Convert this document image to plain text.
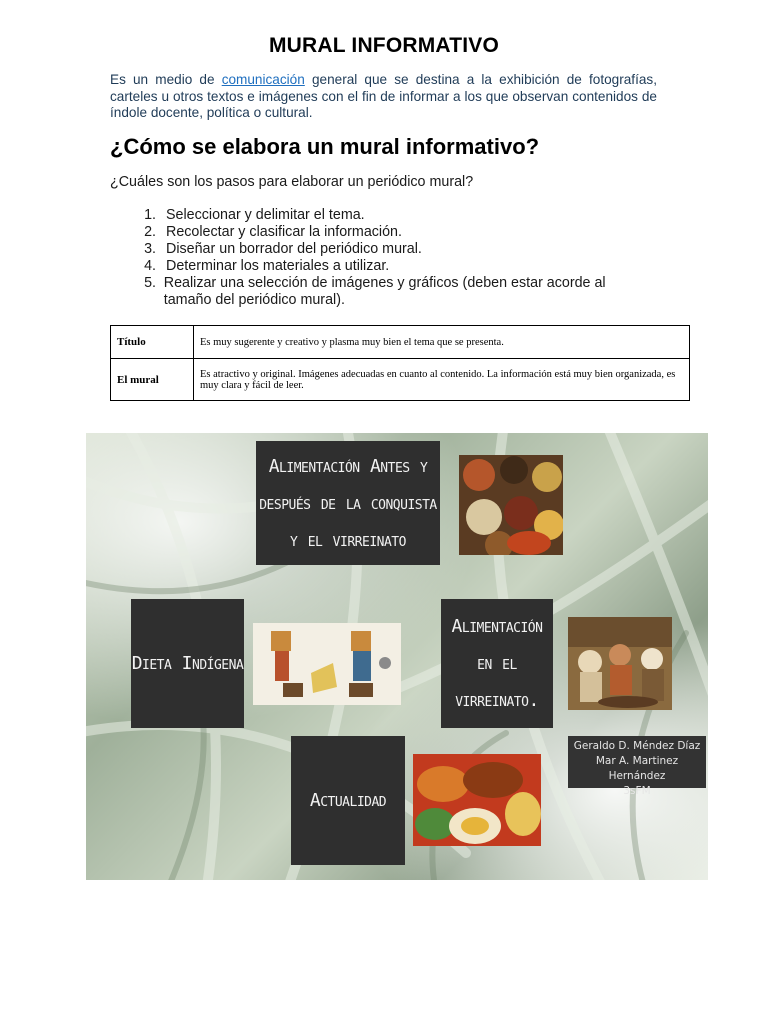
MURAL INFORMATIVO

Es un medio de comunicación general que se destina a la exhibición de fotografías, carteles u otros textos e imágenes con el fin de informar a los que observan contenidos de índole docente, política o cultural.

¿Cómo se elabora un mural informativo?

¿Cuáles son los pasos para elaborar un periódico mural?

1. Seleccionar y delimitar el tema.
2. Recolectar y clasificar la información.
3. Diseñar un borrador del periódico mural.
4. Determinar los materiales a utilizar.
5. Realizar una selección de imágenes y gráficos (deben estar acorde al tamaño del periódico mural).
Título	Es muy sugerente y creativo y plasma muy bien el tema que se presenta.
El mural	Es atractivo y original. Imágenes adecuadas en cuanto al contenido. La información está muy bien organizada, es muy clara y fácil de leer.
Alimentación Antes y
después de la conquista
y el virreinato
Dieta Indígena
Alimentación
en el
virreinato.
Actualidad
Geraldo D. Méndez Díaz
Mar A. Martinez Hernández
3sFM
